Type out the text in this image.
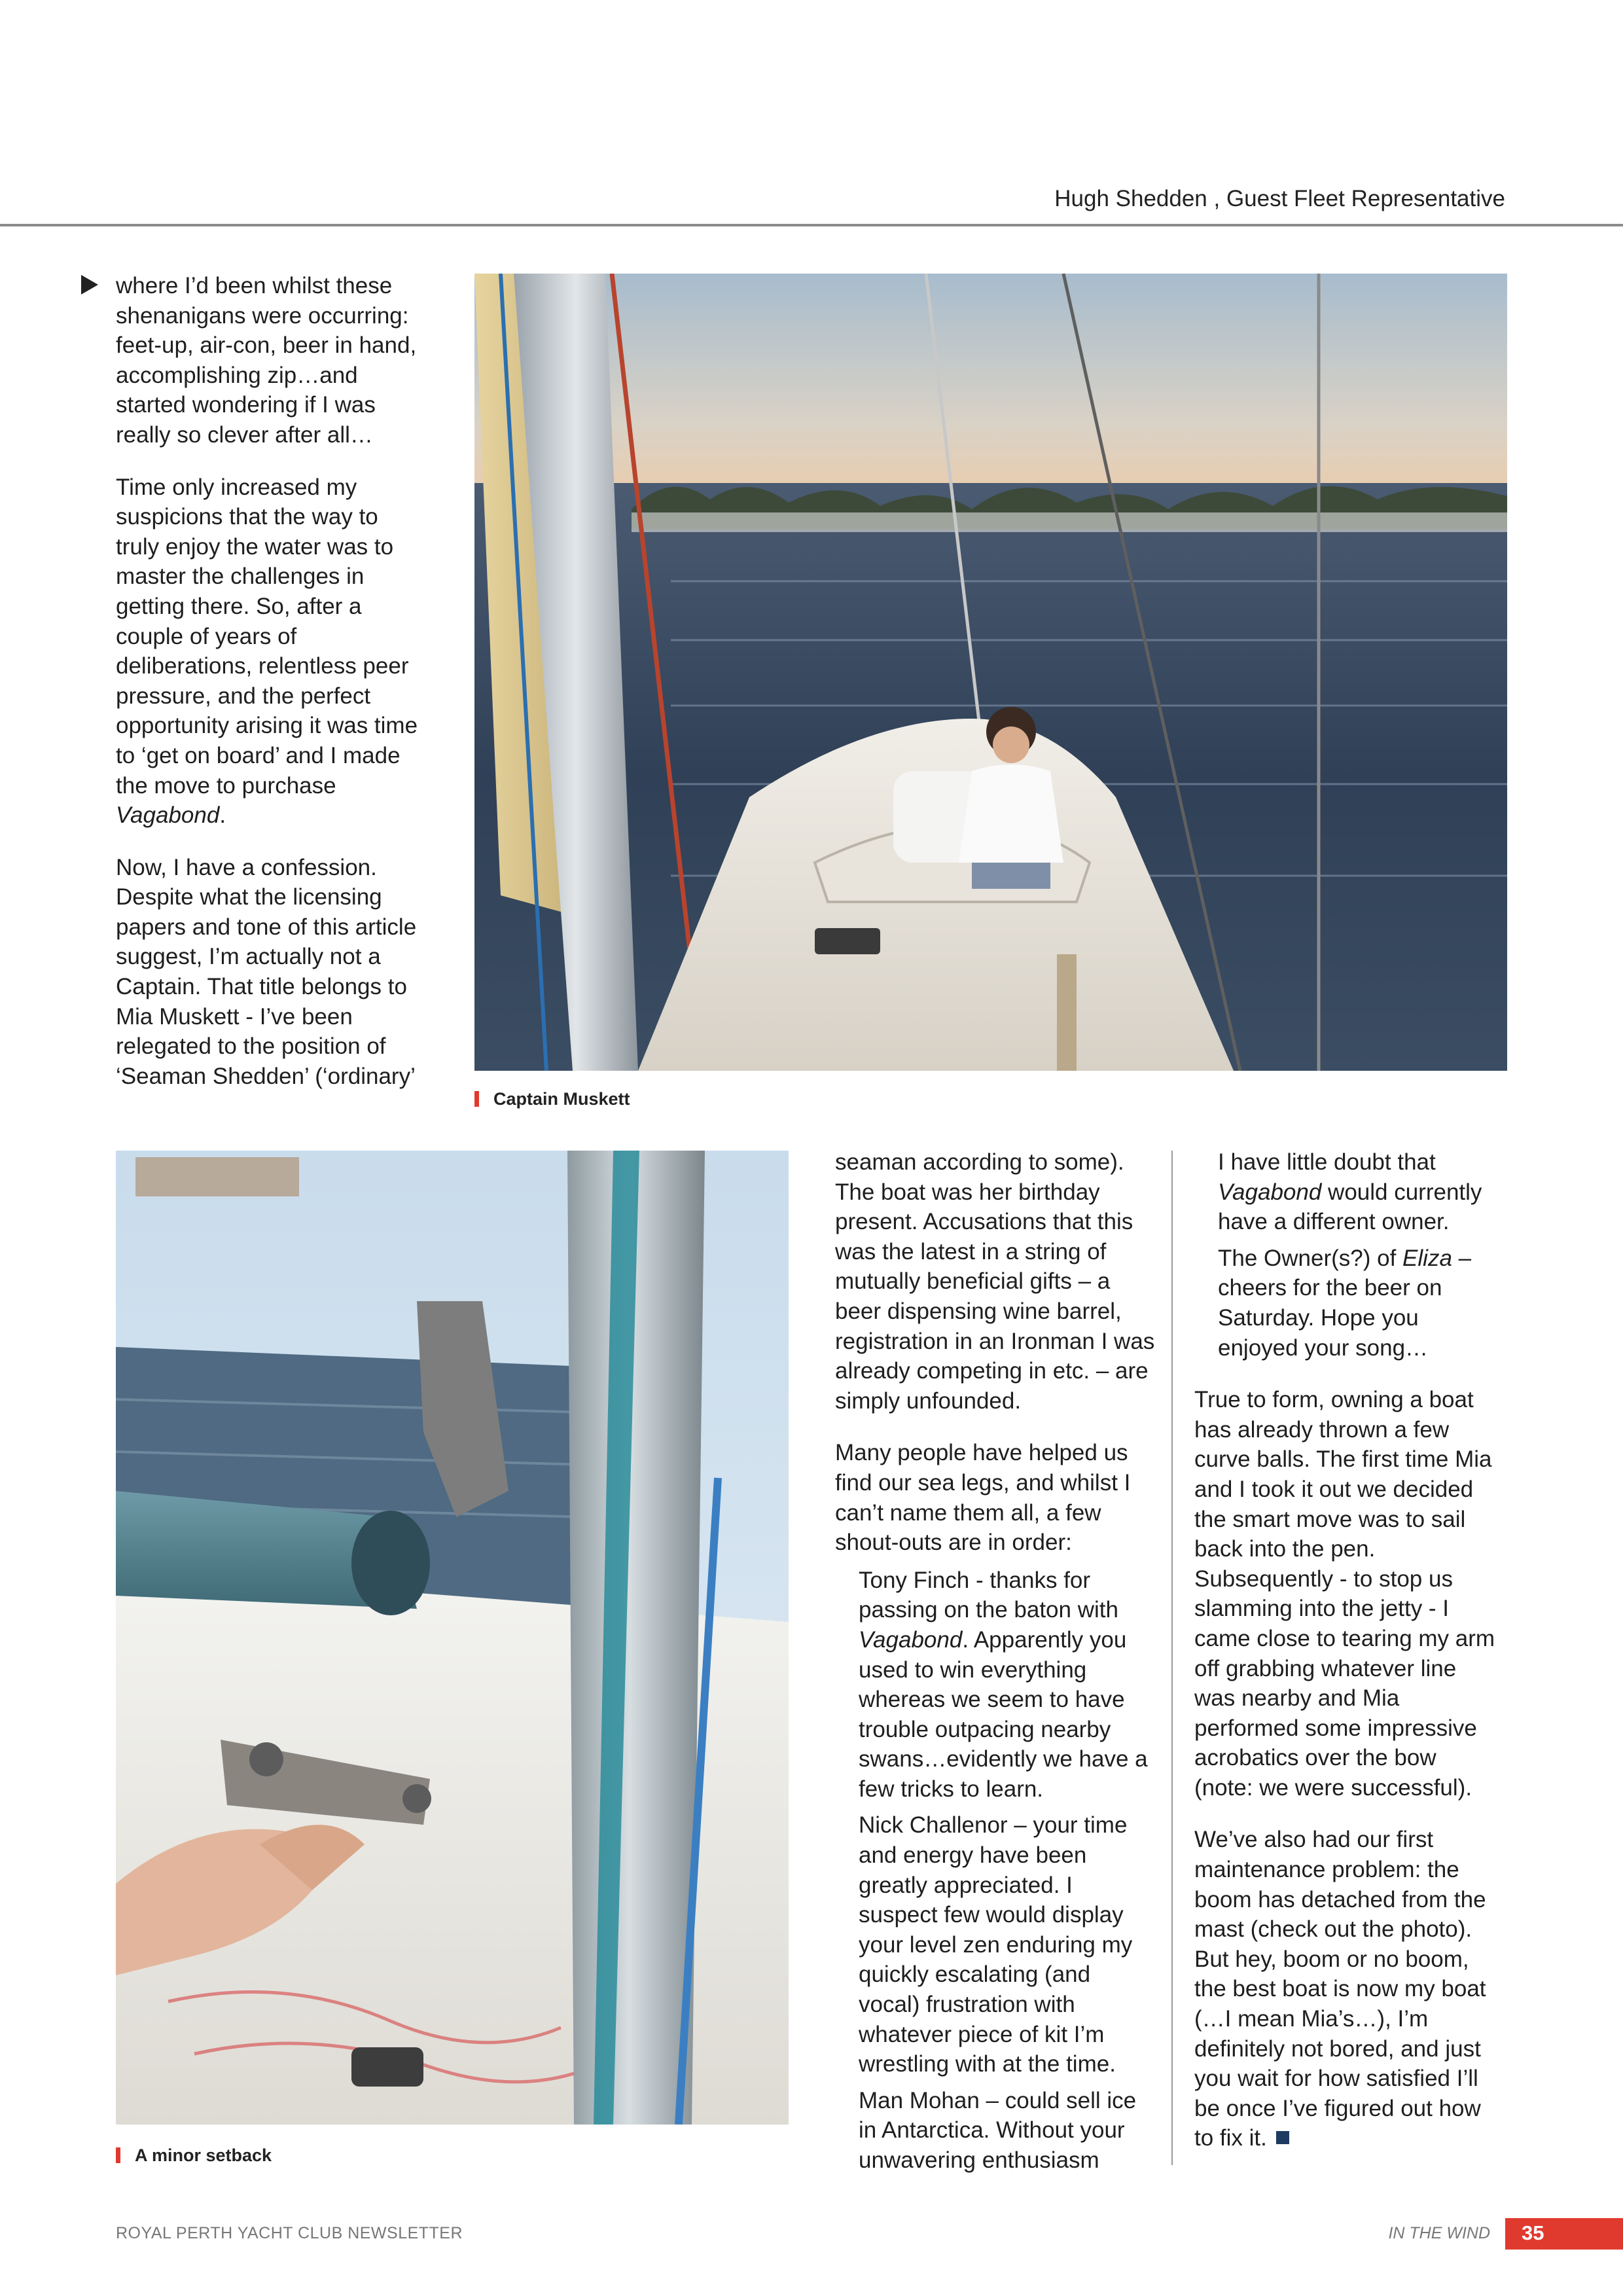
Hugh Shedden , Guest Fleet Representative

where I’d been whilst these shenanigans were occurring: feet-up, air-con, beer in hand, accomplishing zip…and started wondering if I was really so clever after all…

Time only increased my suspicions that the way to truly enjoy the water was to master the challenges in getting there. So, after a couple of years of deliberations, relentless peer pressure, and the perfect opportunity arising it was time to ‘get on board’ and I made the move to purchase Vagabond.

Now, I have a confession. Despite what the licensing papers and tone of this article suggest, I’m actually not a Captain. That title belongs to Mia Muskett - I’ve been relegated to the position of ‘Seaman Shedden’ (‘ordinary’

Captain Muskett
A minor setback

seaman according to some). The boat was her birthday present. Accusations that this was the latest in a string of mutually beneficial gifts – a beer dispensing wine barrel, registration in an Ironman I was already competing in etc. – are simply unfounded.

Many people have helped us find our sea legs, and whilst I can’t name them all, a few shout-outs are in order:

Tony Finch - thanks for passing on the baton with Vagabond. Apparently you used to win everything whereas we seem to have trouble outpacing nearby swans…evidently we have a few tricks to learn.

Nick Challenor – your time and energy have been greatly appreciated. I suspect few would display your level zen enduring my quickly escalating (and vocal) frustration with whatever piece of kit I’m wrestling with at the time.

Man Mohan – could sell ice in Antarctica. Without your unwavering enthusiasm

I have little doubt that Vagabond would currently have a different owner.

The Owner(s?) of Eliza – cheers for the beer on Saturday. Hope you enjoyed your song…

True to form, owning a boat has already thrown a few curve balls. The first time Mia and I took it out we decided the smart move was to sail back into the pen. Subsequently - to stop us slamming into the jetty - I came close to tearing my arm off grabbing whatever line was nearby and Mia performed some impressive acrobatics over the bow (note: we were successful).

We’ve also had our first maintenance problem: the boom has detached from the mast (check out the photo). But hey, boom or no boom, the best boat is now my boat (…I mean Mia’s…), I’m definitely not bored, and just you wait for how satisfied I’ll be once I’ve figured out how to fix it.

ROYAL PERTH YACHT CLUB NEWSLETTER	IN THE WIND 35
